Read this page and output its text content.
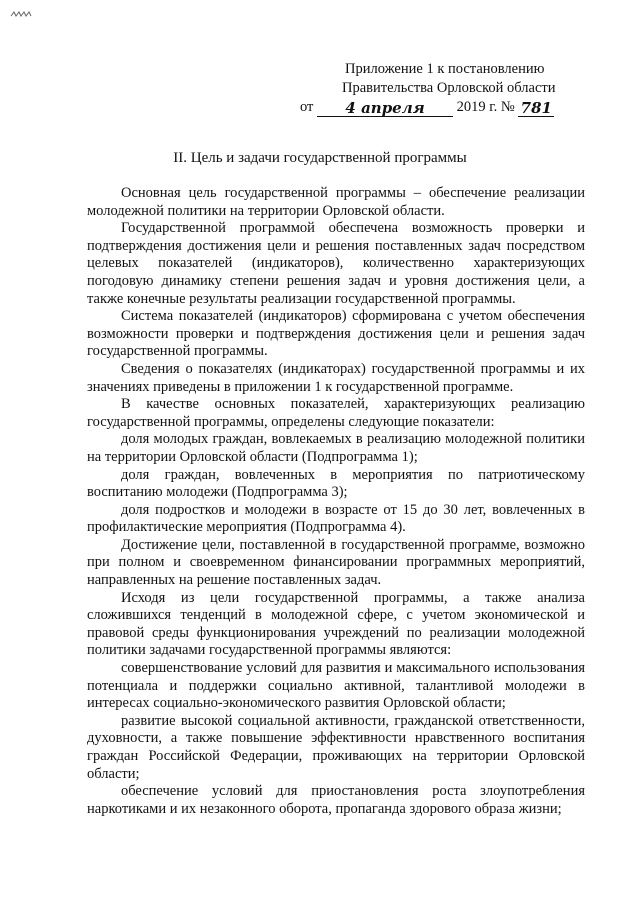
Приложение 1 к постановлению
Правительства Орловской области
от 4 апреля 2019 г. № 781
II. Цель и задачи государственной программы

Основная цель государственной программы – обеспечение реализации молодежной политики на территории Орловской области.

Государственной программой обеспечена возможность проверки и подтверждения достижения цели и решения поставленных задач посредством целевых показателей (индикаторов), количественно характеризующих погодовую динамику степени решения задач и уровня достижения цели, а также конечные результаты реализации государственной программы.

Система показателей (индикаторов) сформирована с учетом обеспечения возможности проверки и подтверждения достижения цели и решения задач государственной программы.

Сведения о показателях (индикаторах) государственной программы и их значениях приведены в приложении 1 к государственной программе.

В качестве основных показателей, характеризующих реализацию государственной программы, определены следующие показатели:

доля молодых граждан, вовлекаемых в реализацию молодежной политики на территории Орловской области (Подпрограмма 1);

доля граждан, вовлеченных в мероприятия по патриотическому воспитанию молодежи (Подпрограмма 3);

доля подростков и молодежи в возрасте от 15 до 30 лет, вовлеченных в профилактические мероприятия (Подпрограмма 4).

Достижение цели, поставленной в государственной программе, возможно при полном и своевременном финансировании программных мероприятий, направленных на решение поставленных задач.

Исходя из цели государственной программы, а также анализа сложившихся тенденций в молодежной сфере, с учетом экономической и правовой среды функционирования учреждений по реализации молодежной политики задачами государственной программы являются:

совершенствование условий для развития и максимального использования потенциала и поддержки социально активной, талантливой молодежи в интересах социально-экономического развития Орловской области;

развитие высокой социальной активности, гражданской ответственности, духовности, а также повышение эффективности нравственного воспитания граждан Российской Федерации, проживающих на территории Орловской области;

обеспечение условий для приостановления роста злоупотребления наркотиками и их незаконного оборота, пропаганда здорового образа жизни;
